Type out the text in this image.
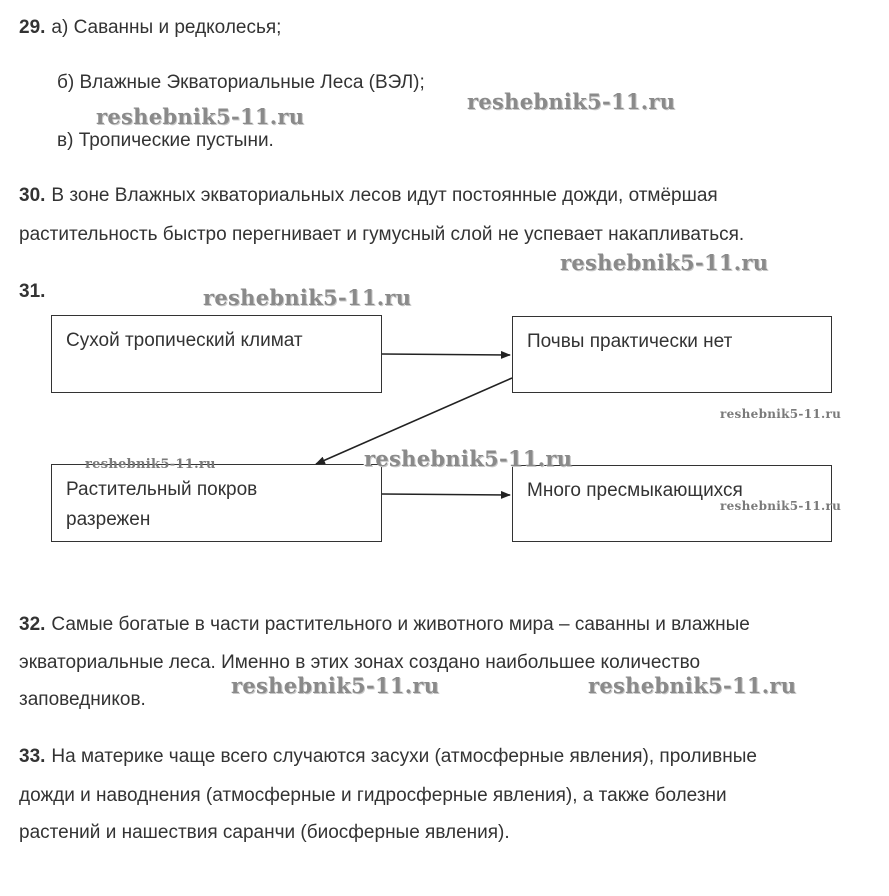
29. а) Саванны и редколесья;
б) Влажные Экваториальные Леса (ВЭЛ);
в) Тропические пустыни.
30. В зоне Влажных экваториальных лесов идут постоянные дожди, отмёршая
растительность быстро перегнивает и гумусный слой не успевает накапливаться.
31.
Сухой тропический климат	Почвы практически нет
Растительный покров
разрежен
Много пресмыкающихся
32. Самые богатые в части растительного и животного мира – саванны и влажные
экваториальные леса. Именно в этих зонах создано наибольшее количество
заповедников.
33. На материке чаще всего случаются засухи (атмосферные явления), проливные
дожди и наводнения (атмосферные и гидросферные явления), а также болезни
растений и нашествия саранчи (биосферные явления).
reshebnik5-11.ru
reshebnik5-11.ru
reshebnik5-11.ru
reshebnik5-11.ru
reshebnik5-11.ru
reshebnik5-11.ru
reshebnik5-11.ru
reshebnik5-11.ru
reshebnik5-11.ru	reshebnik5-11.ru
